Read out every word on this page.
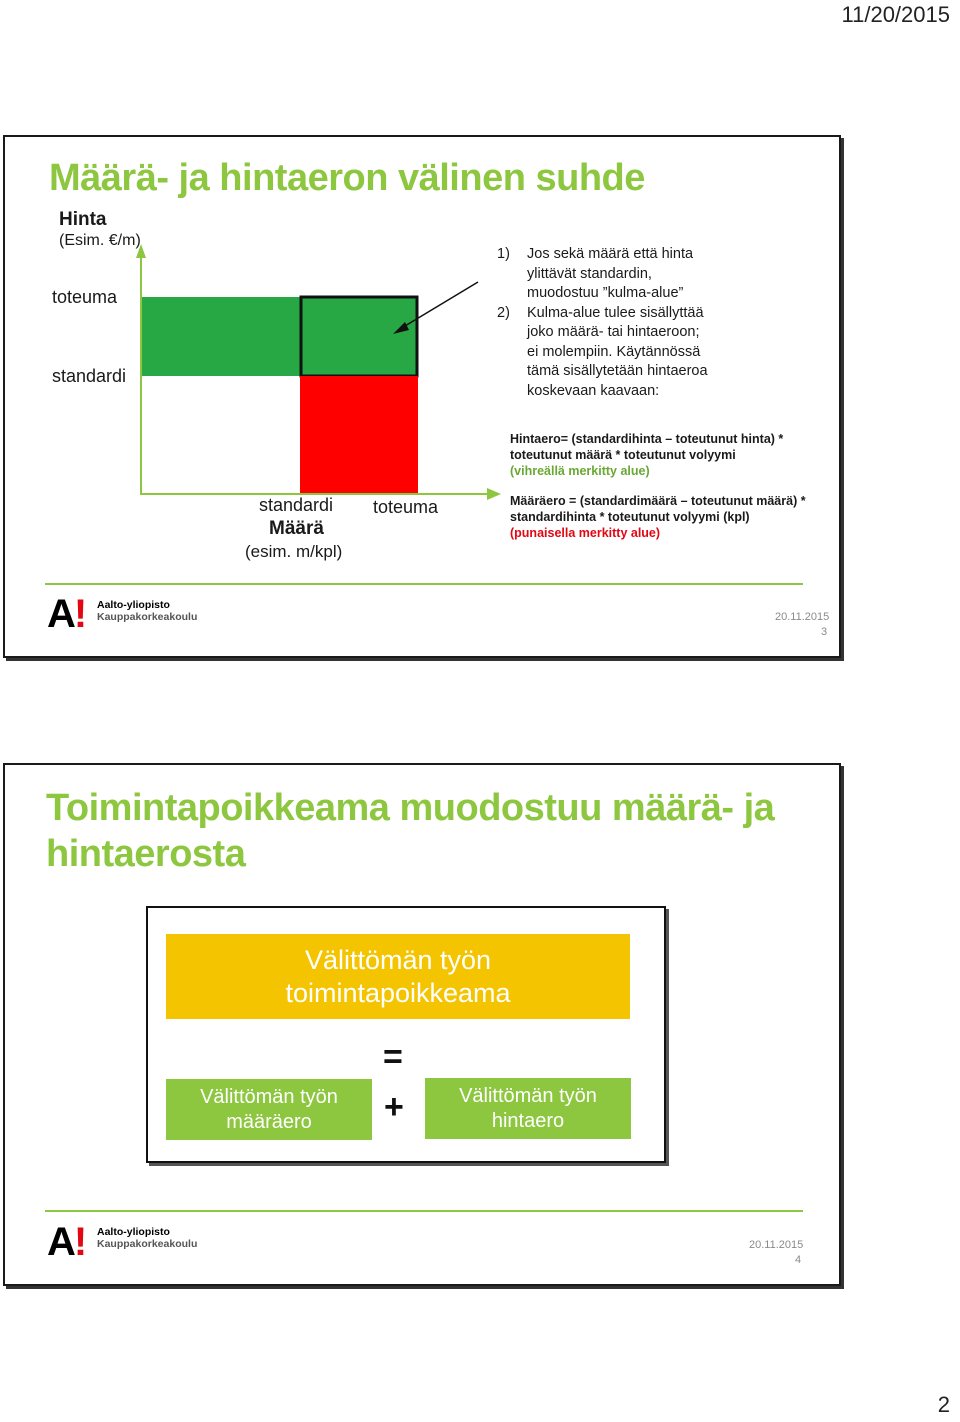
11/20/2015
Määrä- ja hintaeron välinen suhde
Hinta
(Esim. €/m)
toteuma
standardi
standardi
Määrä
(esim. m/kpl)
toteuma
1) Jos sekä määrä että hinta
ylittävät standardin,
muodostuu ”kulma-alue”
2) Kulma-alue tulee sisällyttää
joko määrä- tai hintaeroon;
ei molempiin. Käytännössä
tämä sisällytetään hintaeroa
koskevaan kaavaan:
Hintaero= (standardihinta – toteutunut hinta) *
toteutunut määrä * toteutunut volyymi
(vihreällä merkitty alue)
Määräero = (standardimäärä – toteutunut määrä) *
standardihinta * toteutunut volyymi (kpl)
(punaisella merkitty alue)
A! Aalto-yliopisto
Kauppakorkeakoulu	20.11.2015
3
Toimintapoikkeama muodostuu määrä- ja hintaerosta
Välittömän työn
toimintapoikkeama
=
+
Välittömän työn
määräero
Välittömän työn
hintaero
A! Aalto-yliopisto
Kauppakorkeakoulu	20.11.2015
4
2
